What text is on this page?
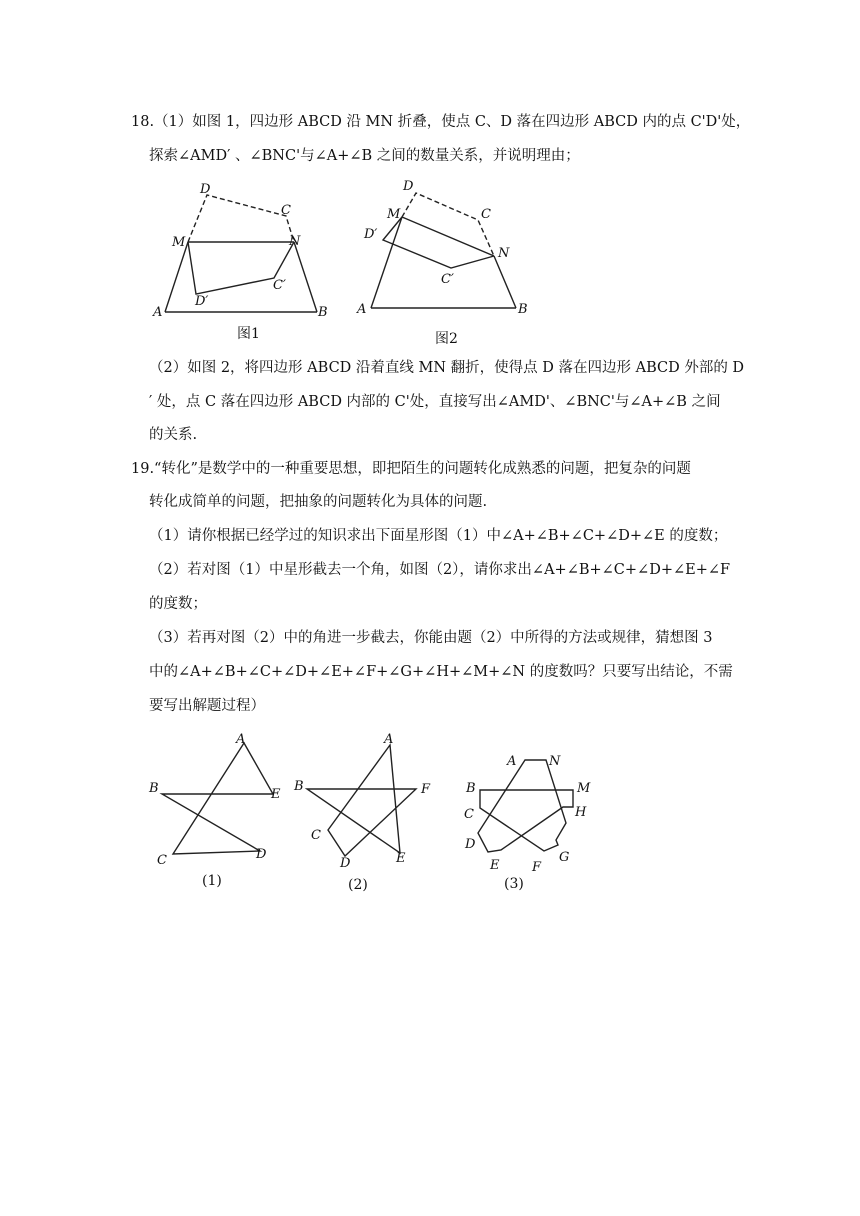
18.（1）如图 1，四边形 ABCD 沿 MN 折叠，使点 C、D 落在四边形 ABCD 内的点 C'D'处，
探索∠AMD′ 、∠BNC'与∠A+∠B 之间的数量关系，并说明理由；
D
C
M	N
C′
D′
A	B
图1
D
C
M
N
D′
C′
A	B
图2
（2）如图 2，将四边形 ABCD 沿着直线 MN 翻折，使得点 D 落在四边形 ABCD 外部的 D
′ 处，点 C 落在四边形 ABCD 内部的 C'处，直接写出∠AMD'、∠BNC'与∠A+∠B 之间
的关系.
19.“转化”是数学中的一种重要思想，即把陌生的问题转化成熟悉的问题，把复杂的问题
转化成简单的问题，把抽象的问题转化为具体的问题.
（1）请你根据已经学过的知识求出下面星形图（1）中∠A+∠B+∠C+∠D+∠E 的度数；
（2）若对图（1）中星形截去一个角，如图（2），请你求出∠A+∠B+∠C+∠D+∠E+∠F
的度数；
（3）若再对图（2）中的角进一步截去，你能由题（2）中所得的方法或规律，猜想图 3
中的∠A+∠B+∠C+∠D+∠E+∠F+∠G+∠H+∠M+∠N 的度数吗？只要写出结论，不需
要写出解题过程）
A
B	E
C	D
(1)
A
B	F
C
D	E
(2)
A	N
B	M
C	H
D
E	F
G
(3)
